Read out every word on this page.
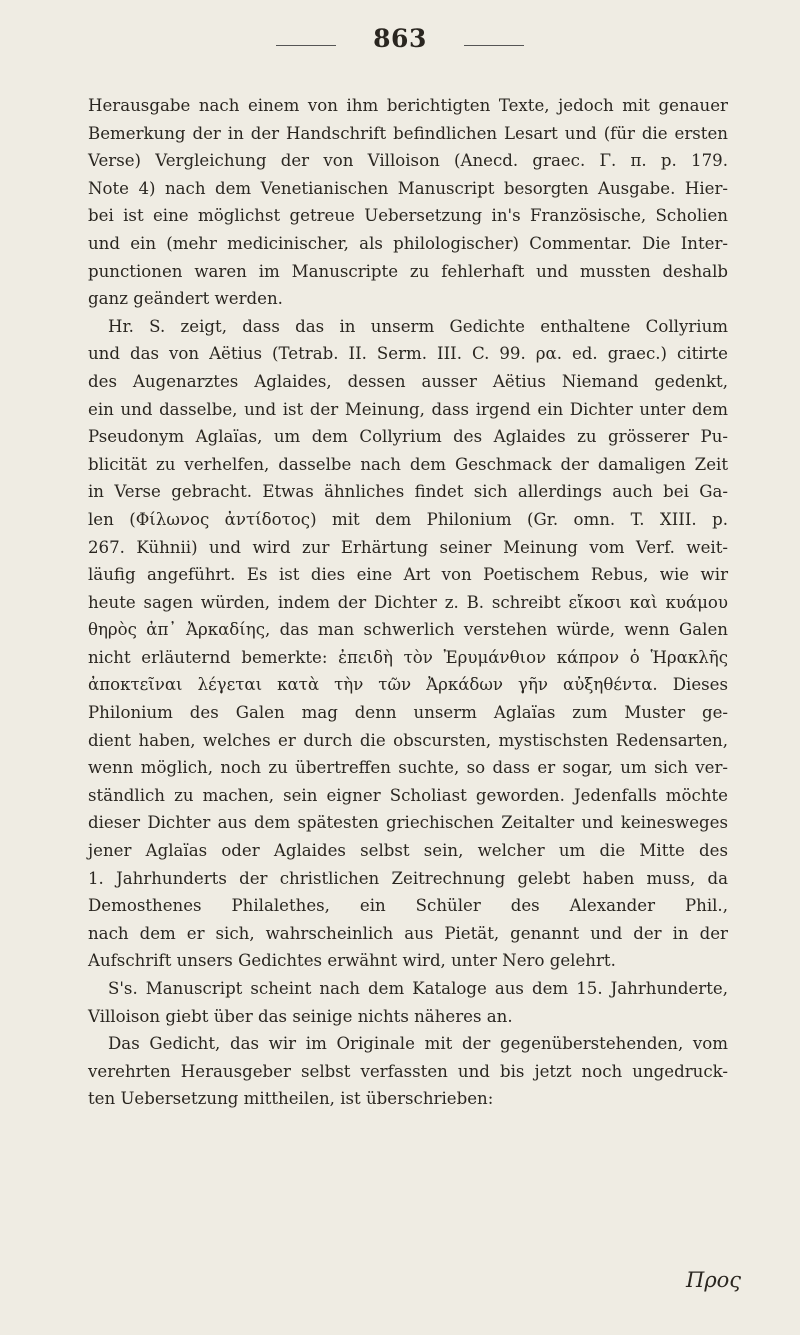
863
Herausgabe nach einem von ihm berichtigten Texte, jedoch mit genauer
Bemerkung der in der Handschrift befindlichen Lesart und (für die ersten
Verse) Vergleichung der von Villoison (Anecd. graec. Γ. π. p. 179.
Note 4) nach dem Venetianischen Manuscript besorgten Ausgabe. Hier-
bei ist eine möglichst getreue Uebersetzung in's Französische, Scholien
und ein (mehr medicinischer, als philologischer) Commentar. Die Inter-
punctionen waren im Manuscripte zu fehlerhaft und mussten deshalb
ganz geändert werden.
Hr. S. zeigt, dass das in unserm Gedichte enthaltene Collyrium
und das von Aëtius (Tetrab. II. Serm. III. C. 99. ρα. ed. graec.) citirte
des Augenarztes Aglaides, dessen ausser Aëtius Niemand gedenkt,
ein und dasselbe, und ist der Meinung, dass irgend ein Dichter unter dem
Pseudonym Aglaïas, um dem Collyrium des Aglaides zu grösserer Pu-
blicität zu verhelfen, dasselbe nach dem Geschmack der damaligen Zeit
in Verse gebracht. Etwas ähnliches findet sich allerdings auch bei Ga-
len (Φίλωνος ἀντίδοτος) mit dem Philonium (Gr. omn. T. XIII. p.
267. Kühnii) und wird zur Erhärtung seiner Meinung vom Verf. weit-
läufig angeführt. Es ist dies eine Art von Poetischem Rebus, wie wir
heute sagen würden, indem der Dichter z. B. schreibt εἴκοσι καὶ κυάμου
θηρὸς ἀπ᾽ Ἀρκαδίης, das man schwerlich verstehen würde, wenn Galen
nicht erläuternd bemerkte: ἐπειδὴ τὸν Ἐρυμάνθιον κάπρον ὁ Ἡρακλῆς
ἀποκτεῖναι λέγεται κατὰ τὴν τῶν Ἀρκάδων γῆν αὐξηθέντα. Dieses
Philonium des Galen mag denn unserm Aglaïas zum Muster ge-
dient haben, welches er durch die obscursten, mystischsten Redensarten,
wenn möglich, noch zu übertreffen suchte, so dass er sogar, um sich ver-
ständlich zu machen, sein eigner Scholiast geworden. Jedenfalls möchte
dieser Dichter aus dem spätesten griechischen Zeitalter und keinesweges
jener Aglaïas oder Aglaides selbst sein, welcher um die Mitte des
1. Jahrhunderts der christlichen Zeitrechnung gelebt haben muss, da
Demosthenes Philalethes, ein Schüler des Alexander Phil.,
nach dem er sich, wahrscheinlich aus Pietät, genannt und der in der
Aufschrift unsers Gedichtes erwähnt wird, unter Nero gelehrt.
S's. Manuscript scheint nach dem Kataloge aus dem 15. Jahrhunderte,
Villoison giebt über das seinige nichts näheres an.
Das Gedicht, das wir im Originale mit der gegenüberstehenden, vom
verehrten Herausgeber selbst verfassten und bis jetzt noch ungedruck-
ten Uebersetzung mittheilen, ist überschrieben:
Προς
